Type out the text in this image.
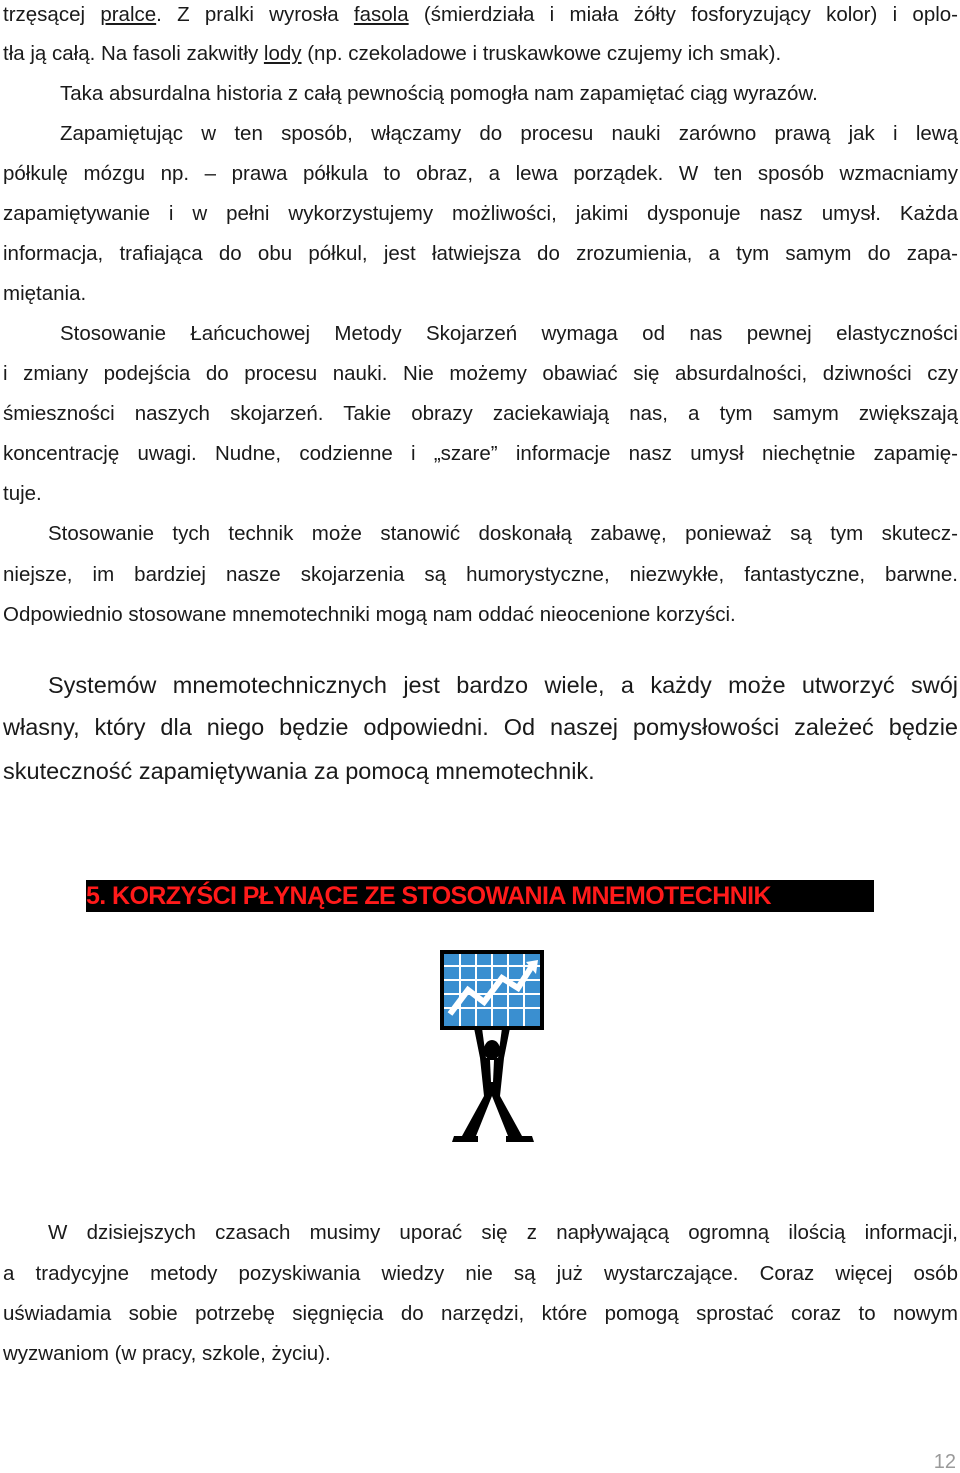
trzęsącej pralce. Z pralki wyrosła fasola (śmierdziała i miała żółty fosforyzujący kolor) i oplo-
tła ją całą. Na fasoli zakwitły lody (np. czekoladowe i truskawkowe czujemy ich smak).
Taka absurdalna historia z całą pewnością pomogła nam zapamiętać ciąg wyrazów.
Zapamiętując w ten sposób, włączamy do procesu nauki zarówno prawą jak i lewą
półkulę mózgu np. – prawa półkula to obraz, a lewa porządek. W ten sposób wzmacniamy
zapamiętywanie i w pełni wykorzystujemy możliwości, jakimi dysponuje nasz umysł. Każda
informacja, trafiająca do obu półkul, jest łatwiejsza do zrozumienia, a tym samym do zapa-
miętania.
Stosowanie Łańcuchowej Metody Skojarzeń wymaga od nas pewnej elastyczności
i zmiany podejścia do procesu nauki. Nie możemy obawiać się absurdalności, dziwności czy
śmieszności naszych skojarzeń. Takie obrazy zaciekawiają nas, a tym samym zwiększają
koncentrację uwagi. Nudne, codzienne i „szare” informacje nasz umysł niechętnie zapamię-
tuje.
Stosowanie tych technik może stanowić doskonałą zabawę, ponieważ są tym skutecz-
niejsze, im bardziej nasze skojarzenia są humorystyczne, niezwykłe, fantastyczne, barwne.
Odpowiednio stosowane mnemotechniki mogą nam oddać nieocenione korzyści.
Systemów mnemotechnicznych jest bardzo wiele, a każdy może utworzyć swój
własny, który dla niego będzie odpowiedni. Od naszej pomysłowości zależeć będzie
skuteczność zapamiętywania za pomocą mnemotechnik.
5. KORZYŚCI PŁYNĄCE ZE STOSOWANIA MNEMOTECHNIK
W dzisiejszych czasach musimy uporać się z napływającą ogromną ilością informacji,
a tradycyjne metody pozyskiwania wiedzy nie są już wystarczające. Coraz więcej osób
uświadamia sobie potrzebę sięgnięcia do narzędzi, które pomogą sprostać coraz to nowym
wyzwaniom (w pracy, szkole, życiu).
12
